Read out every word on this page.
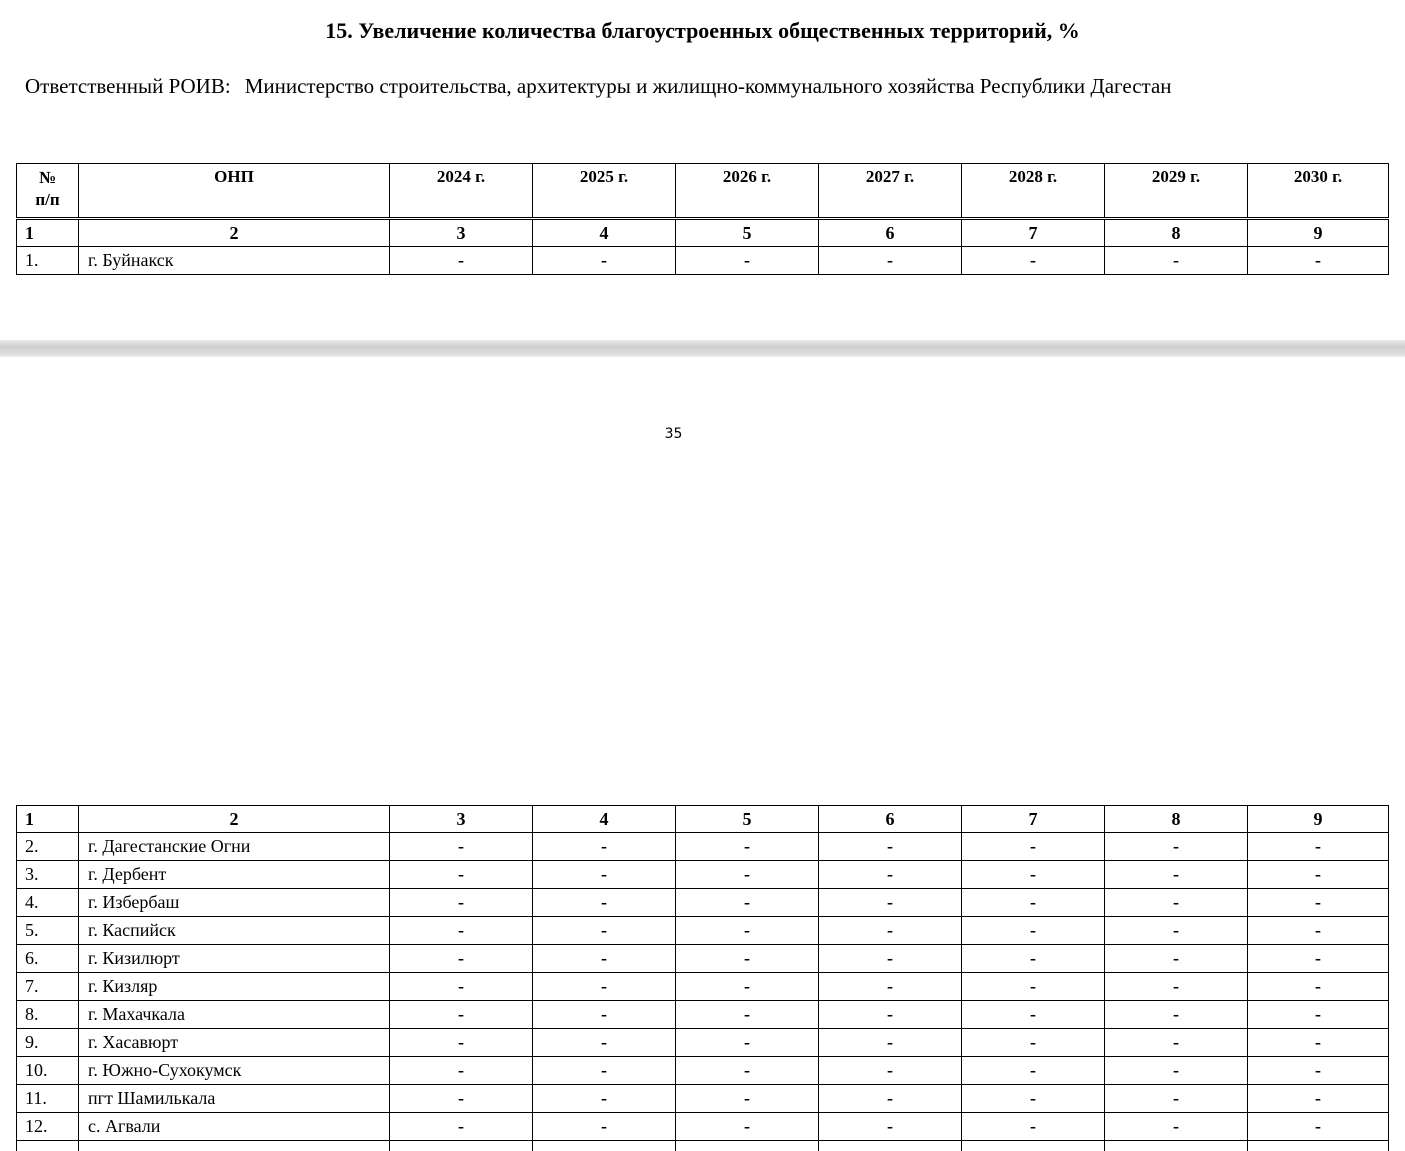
15. Увеличение количества благоустроенных общественных территорий, %
Ответственный РОИВ: Министерство строительства, архитектуры и жилищно-коммунального хозяйства Республики Дагестан
№
п/п	ОНП	2024 г.	2025 г.	2026 г.	2027 г.	2028 г.	2029 г.	2030 г.
1	2	3	4	5	6	7	8	9
1.	г. Буйнакск	-	-	-	-	-	-	-
35
1	2	3	4	5	6	7	8	9
2.	г. Дагестанские Огни	-	-	-	-	-	-	-
3.	г. Дербент	-	-	-	-	-	-	-
4.	г. Избербаш	-	-	-	-	-	-	-
5.	г. Каспийск	-	-	-	-	-	-	-
6.	г. Кизилюрт	-	-	-	-	-	-	-
7.	г. Кизляр	-	-	-	-	-	-	-
8.	г. Махачкала	-	-	-	-	-	-	-
9.	г. Хасавюрт	-	-	-	-	-	-	-
10.	г. Южно-Сухокумск	-	-	-	-	-	-	-
11.	пгт Шамилькала	-	-	-	-	-	-	-
12.	с. Агвали	-	-	-	-	-	-	-
